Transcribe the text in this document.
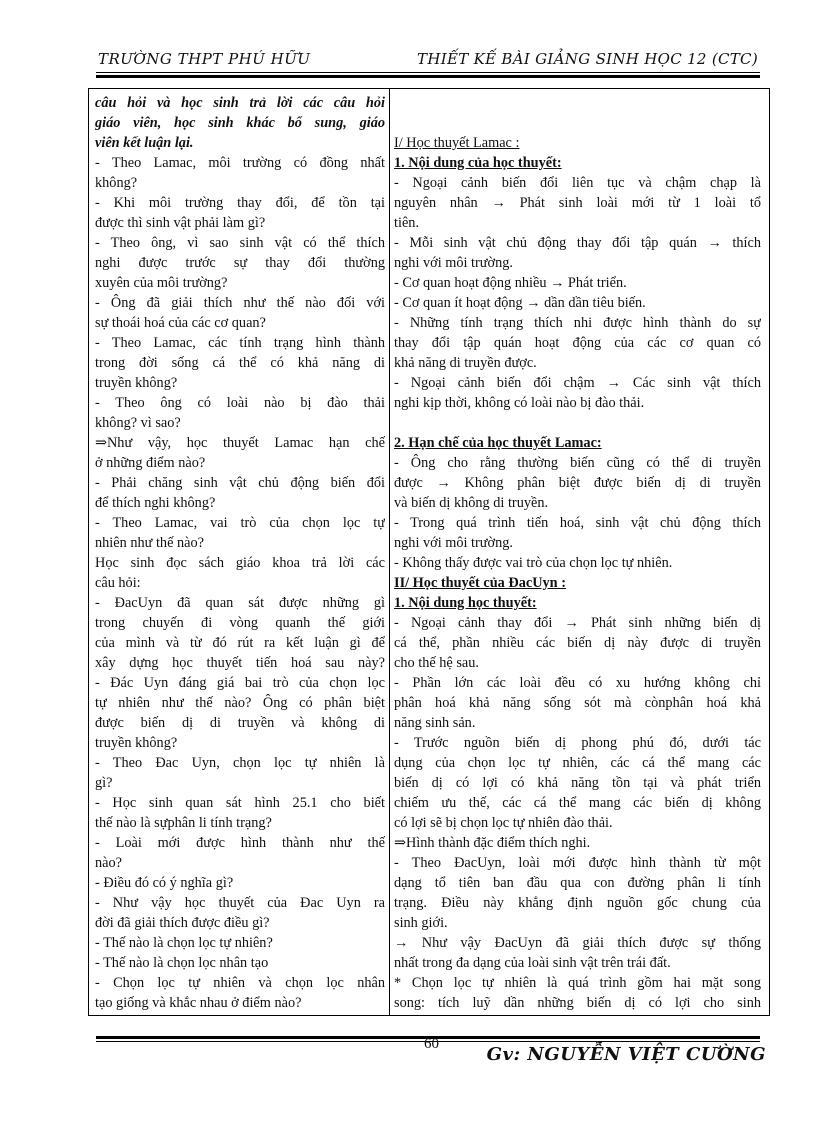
TRƯỜNG THPT PHÚ HỮU	THIẾT KẾ BÀI GIẢNG SINH HỌC 12 (CTC)
câu hỏi và học sinh trả lời các câu hỏi
giáo viên, học sinh khác bổ sung, giáo
viên kết luận lại.
- Theo Lamac, môi trường có đồng nhất
không?
- Khi môi trường thay đổi, để tồn tại
được thì sinh vật phải làm gì?
- Theo ông, vì sao sinh vật có thể thích
nghi được trước sự thay đổi thường
xuyên của môi trường?
- Ông đã giải thích như thế nào đối với
sự thoái hoá của các cơ quan?
- Theo Lamac, các tính trạng hình thành
trong đời sống cá thể có khả năng di
truyền không?
- Theo ông có loài nào bị đào thải
không? vì sao?
⇒Như vậy, học thuyết Lamac hạn chế
ở những điểm nào?
- Phải chăng sinh vật chủ động biến đổi
để thích nghi không?
- Theo Lamac, vai trò của chọn lọc tự
nhiên như thế nào?
Học sinh đọc sách giáo khoa trả lời các
câu hỏi:
- ĐacUyn đã quan sát được những gì
trong chuyến đi vòng quanh thế giới
của mình và từ đó rút ra kết luận gì để
xây dựng học thuyết tiến hoá sau này?
- Đác Uyn đáng giá bai trò của chọn lọc
tự nhiên như thế nào? Ông có phân biệt
được biến dị di truyền và không di
truyền không?
- Theo Đac Uyn, chọn lọc tự nhiên là
gì?
- Học sinh quan sát hình 25.1 cho biết
thế nào là sựphân li tính trạng?
- Loài mới được hình thành như thế
nào?
- Điều đó có ý nghĩa gì?
- Như vậy học thuyết của Đac Uyn ra
đời đã giải thích được điều gì?
- Thế nào là chọn lọc tự nhiên?
- Thế nào là chọn lọc nhân tạo
- Chọn lọc tự nhiên và chọn lọc nhân
tạo giống và khắc nhau ở điểm nào?
I/ Học thuyết Lamac :
1. Nội dung của học thuyết:
- Ngoại cảnh biến đổi liên tục và chậm chạp là
nguyên nhân → Phát sinh loài mới từ 1 loài tổ
tiên.
- Mỗi sinh vật chủ động thay đổi tập quán → thích
nghi với môi trường.
- Cơ quan hoạt động nhiều → Phát triển.
- Cơ quan ít hoạt động → dần dần tiêu biến.
- Những tính trạng thích nhi được hình thành do sự
thay đổi tập quán hoạt động của các cơ quan có
khả năng di truyền được.
- Ngoại cảnh biến đổi chậm → Các sinh vật thích
nghi kịp thời, không có loài nào bị đào thải.
2. Hạn chế của học thuyết Lamac:
- Ông cho rằng thường biến cũng có thể di truyền
được → Không phân biệt được biến dị di truyền
và biến dị không di truyền.
- Trong quá trình tiến hoá, sinh vật chủ động thích
nghi với môi trường.
- Không thấy được vai trò của chọn lọc tự nhiên.
II/ Học thuyết của ĐacUyn :
1. Nội dung học thuyết:
- Ngoại cảnh thay đổi → Phát sinh những biến dị
cá thể, phần nhiều các biến dị này được di truyền
cho thế hệ sau.
- Phần lớn các loài đều có xu hướng không chỉ
phân hoá khả năng sống sót mà cònphân hoá khả
năng sinh sản.
- Trước nguồn biến dị phong phú đó, dưới tác
dụng của chọn lọc tự nhiên, các cá thể mang các
biến dị có lợi có khả năng tồn tại và phát triển
chiếm ưu thế, các cá thể mang các biến dị không
có lợi sẽ bị chọn lọc tự nhiên đào thải.
⇒Hình thành đặc điểm thích nghi.
- Theo ĐacUyn, loài mới được hình thành từ một
dạng tổ tiên ban đầu qua con đường phân li tính
trạng. Điều này khẳng định nguồn gốc chung của
sinh giới.
→ Như vậy ĐacUyn đã giải thích được sự thống
nhất trong đa dạng của loài sinh vật trên trái đất.
* Chọn lọc tự nhiên là quá trình gồm hai mặt song
song: tích luỹ dần những biến dị có lợi cho sinh
60	Gv: NGUYỄN VIỆT CƯỜNG
